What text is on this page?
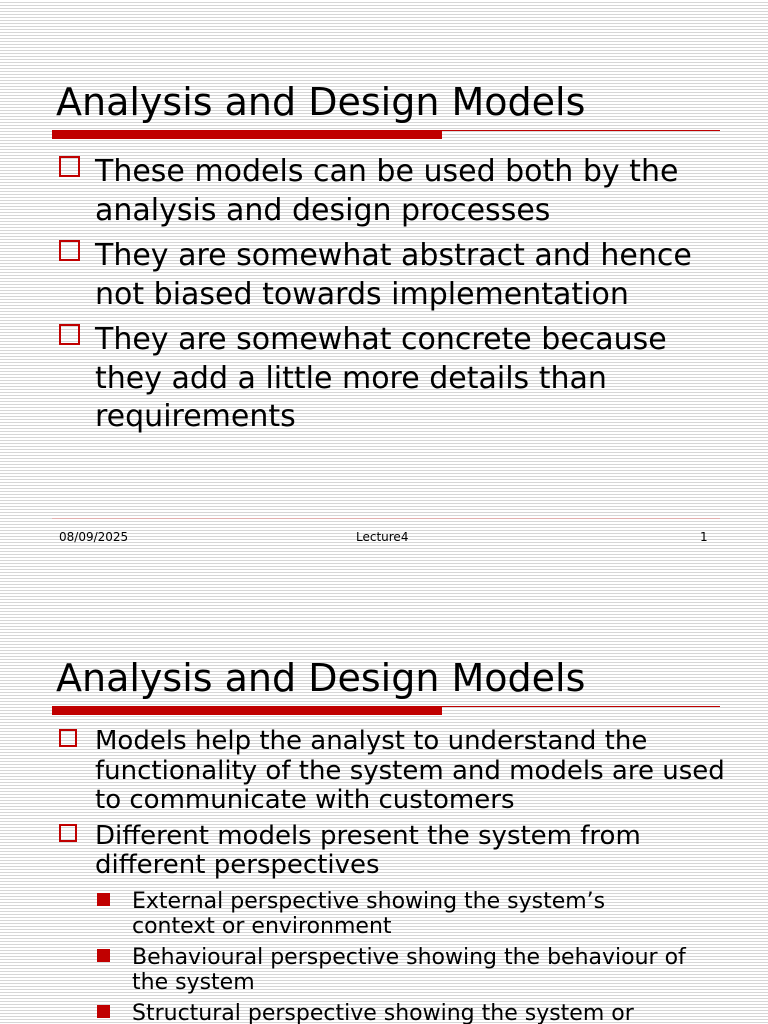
Analysis and Design Models
These models can be used both by the analysis and design processes
They are somewhat abstract and hence not biased towards implementation
They are somewhat concrete because they add a little more details than requirements
08/09/2025	Lecture4	1
Analysis and Design Models
Models help the analyst to understand the functionality of the system and models are used to communicate with customers
Different models present the system from different perspectives
External perspective showing the system’s context or environment
Behavioural perspective showing the behaviour of the system
Structural perspective showing the system or
